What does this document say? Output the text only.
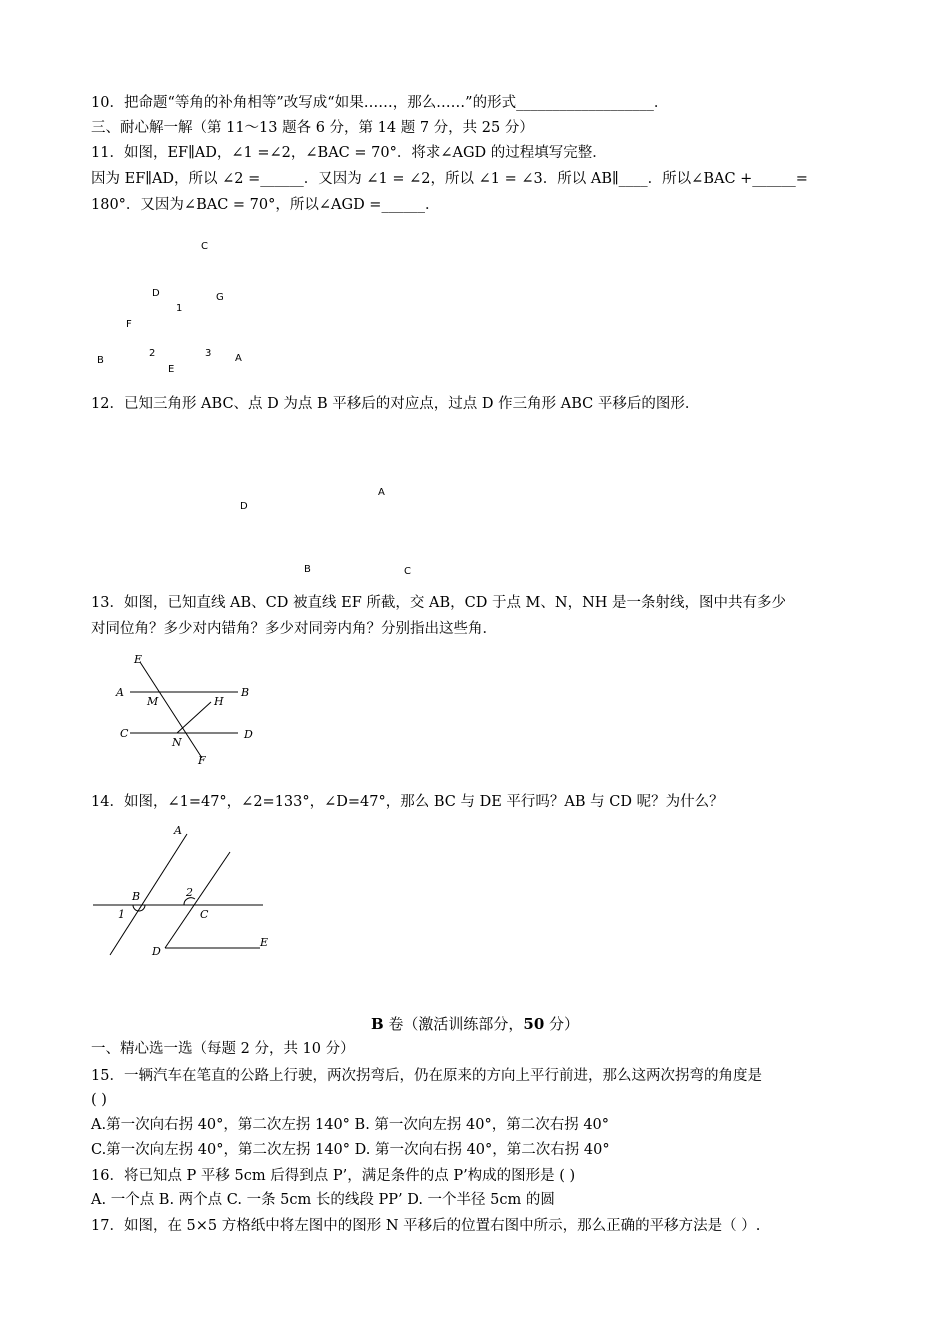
10．把命题“等角的补角相等”改写成“如果……，那么……”的形式___________________．
三、耐心解一解（第 11～13 题各 6 分，第 14 题 7 分，共 25 分）
11．如图，EF∥AD，∠1 =∠2，∠BAC = 70°．将求∠AGD 的过程填写完整．
因为 EF∥AD，所以 ∠2 =______．又因为 ∠1 = ∠2，所以 ∠1 = ∠3．所以 AB∥____．所以∠BAC +______=
180°．又因为∠BAC = 70°，所以∠AGD =______．
C
D
1
G
F
B
2	3 A
E
12．已知三角形 ABC、点 D 为点 B 平移后的对应点，过点 D 作三角形 ABC 平移后的图形．
A
D
B	C
13．如图，已知直线 AB、CD 被直线 EF 所截，交 AB，CD 于点 M、N，NH 是一条射线，图中共有多少
对同位角？多少对内错角？多少对同旁内角？分别指出这些角．
E
A
M
B
H
C
N
D
F
14．如图，∠1=47°，∠2=133°，∠D=47°，那么 BC 与 DE 平行吗？AB 与 CD 呢？为什么？
A
B	2
1	C
D
E
B 卷（激活训练部分，50 分）
一、精心选一选（每题 2 分，共 10 分）
15．一辆汽车在笔直的公路上行驶，两次拐弯后，仍在原来的方向上平行前进，那么这两次拐弯的角度是
( )
A.第一次向右拐 40°，第二次左拐 140° B. 第一次向左拐 40°，第二次右拐 40°
C.第一次向左拐 40°，第二次左拐 140° D. 第一次向右拐 40°，第二次右拐 40°
16．将已知点 P 平移 5cm 后得到点 P’，满足条件的点 P’构成的图形是 ( )
A. 一个点 B. 两个点 C. 一条 5cm 长的线段 PP’ D. 一个半径 5cm 的圆
17．如图，在 5×5 方格纸中将左图中的图形 N 平移后的位置右图中所示，那么正确的平移方法是（ ）.
